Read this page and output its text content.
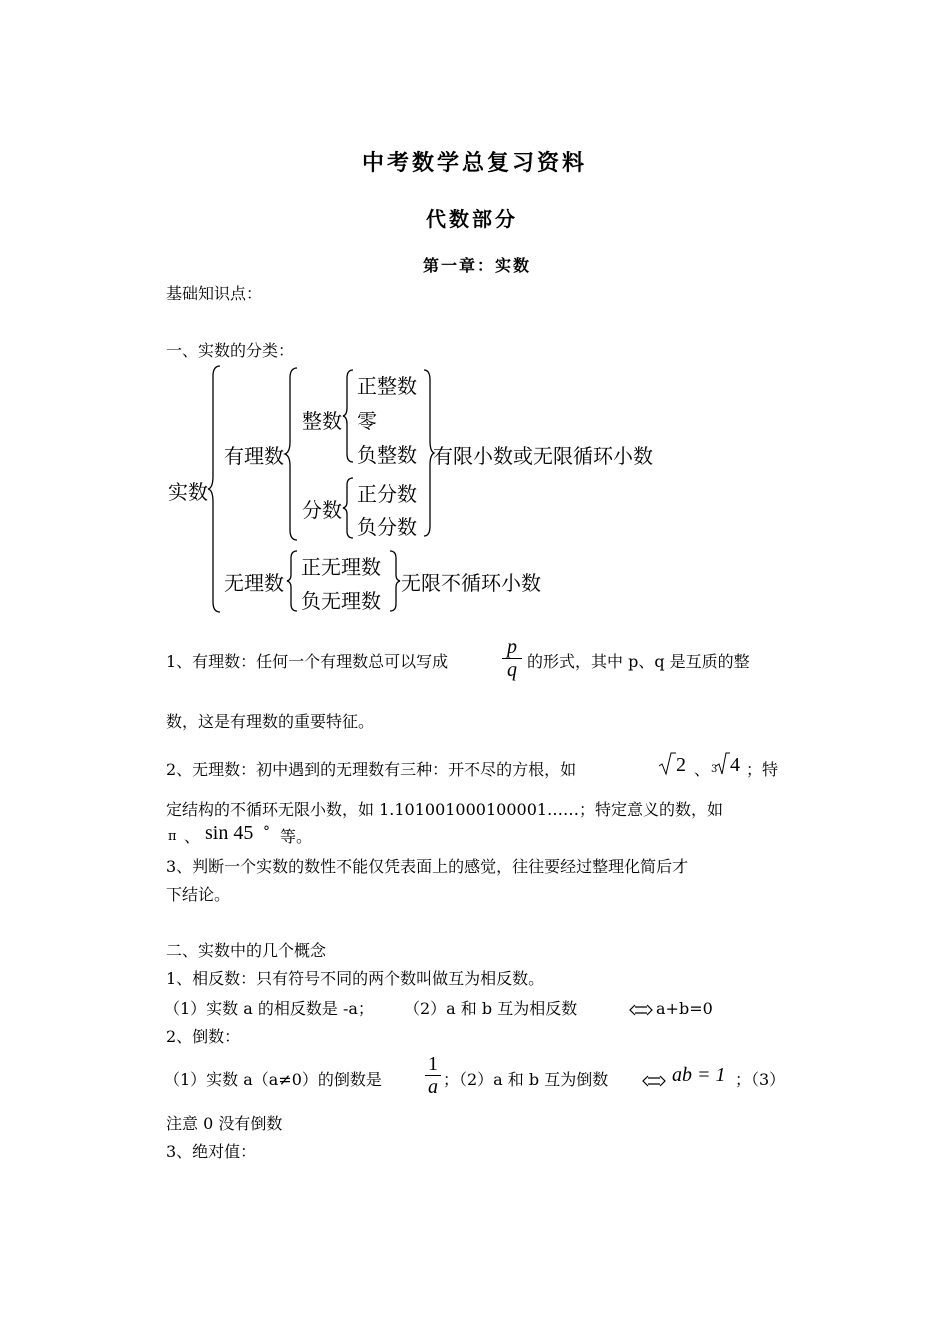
中考数学总复习资料
代数部分
第一章：实数
基础知识点：
一、实数的分类：
实数
有理数
整数
正整数
零
负整数
分数
正分数
负分数
有限小数或无限循环小数
无理数
正无理数
负无理数
无限不循环小数
1、有理数：任何一个有理数总可以写成	$\frac{p}{q}$ 的形式，其中 p、q 是互质的整
数，这是有理数的重要特征。
2、无理数：初中遇到的无理数有三种：开不尽的方根，如	2 、 3 4 ；特
定结构的不循环无限小数，如 1.101001000100001……；特定意义的数，如
π 、 sin 45 ° 等。
3、判断一个实数的数性不能仅凭表面上的感觉，往往要经过整理化简后才
下结论。
二、实数中的几个概念
1、相反数：只有符号不同的两个数叫做互为相反数。
（1）实数 a 的相反数是 -a； （2）a 和 b 互为相反数	a+b=0
2、倒数：
（1）实数 a（a≠0）的倒数是 $\frac{1}{a}$ ；（2）a 和 b 互为倒数	ab = 1 ；（3）
注意 0 没有倒数
3、绝对值：
